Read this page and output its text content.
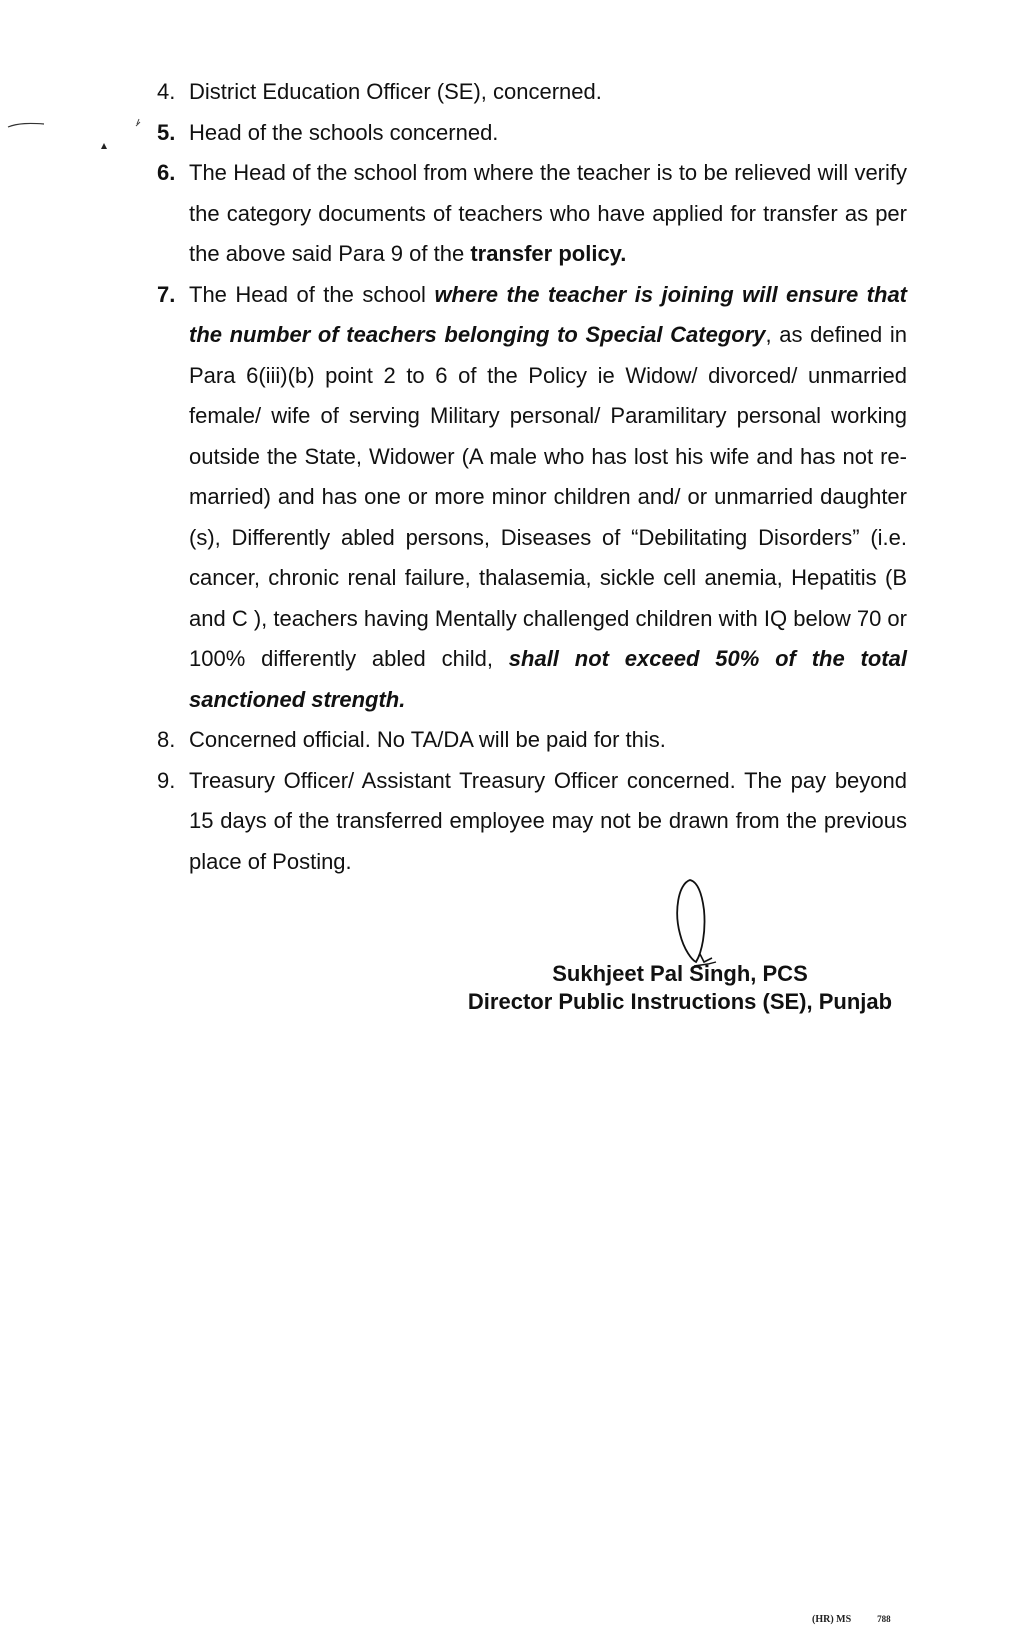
4. District Education Officer (SE), concerned.
5. Head of the schools concerned.
6. The Head of the school from where the teacher is to be relieved will verify the category documents of teachers who have applied for transfer as per the above said Para 9 of the transfer policy.
7. The Head of the school where the teacher is joining will ensure that the number of teachers belonging to Special Category, as defined in Para 6(iii)(b) point 2 to 6 of the Policy ie Widow/ divorced/ unmarried female/ wife of serving Military personal/ Paramilitary personal working outside the State, Widower (A male who has lost his wife and has not re-married) and has one or more minor children and/ or unmarried daughter (s), Differently abled persons, Diseases of “Debilitating Disorders” (i.e. cancer, chronic renal failure, thalasemia, sickle cell anemia, Hepatitis (B and C ), teachers having Mentally challenged children with IQ below 70 or 100% differently abled child, shall not exceed 50% of the total sanctioned strength.
8. Concerned official. No TA/DA will be paid for this.
9. Treasury Officer/ Assistant Treasury Officer concerned. The pay beyond 15 days of the transferred employee may not be drawn from the previous place of Posting.
Sukhjeet Pal Singh, PCS
Director Public Instructions (SE), Punjab
(HR) MS	788
